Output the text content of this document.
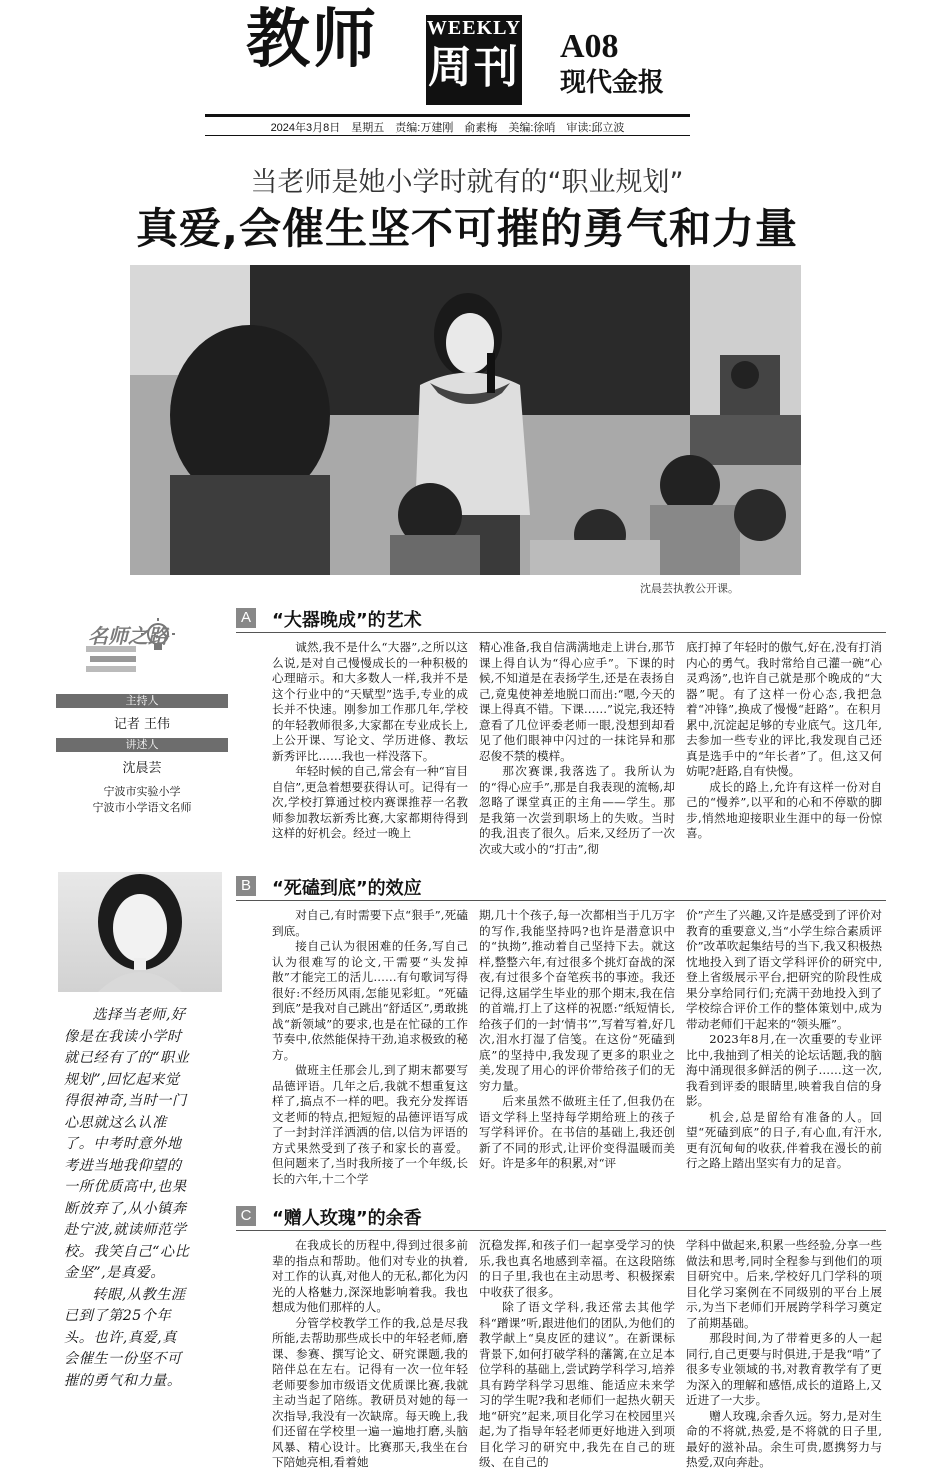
教师 WEEKLY
周刊 A08
现代金报
2024年3月8日　星期五　责编:万建刚　俞素梅　美编:徐哨　审读:邱立波
当老师是她小学时就有的“职业规划”
真爱,会催生坚不可摧的勇气和力量
沈晨芸执教公开课。
名师之路
主持人
记者 王伟
讲述人
沈晨芸
宁波市实验小学
宁波市小学语文名师

选择当老师,好像是在我读小学时就已经有了的“职业规划”,回忆起来觉得很神奇,当时一门心思就这么认准了。中考时意外地考进当地我仰望的一所优质高中,也果断放弃了,从小镇奔赴宁波,就读师范学校。我笑自己“心比金坚”,是真爱。

转眼,从教生涯已到了第25个年头。也许,真爱,真会催生一份坚不可摧的勇气和力量。

A “大器晚成”的艺术

诚然,我不是什么“大器”,之所以这么说,是对自己慢慢成长的一种积极的心理暗示。和大多数人一样,我并不是这个行业中的“天赋型”选手,专业的成长并不快速。刚参加工作那几年,学校的年轻教师很多,大家都在专业成长上,上公开课、写论文、学历进修、教坛新秀评比……我也一样没落下。

年轻时候的自己,常会有一种“盲目自信”,更急着想要获得认可。记得有一次,学校打算通过校内赛课推荐一名教师参加教坛新秀比赛,大家都期待得到这样的好机会。经过一晚上

精心准备,我自信满满地走上讲台,那节课上得自认为“得心应手”。下课的时候,不知道是在表扬学生,还是在表扬自己,竟鬼使神差地脱口而出:“嗯,今天的课上得真不错。下课……”说完,我还特意看了几位评委老师一眼,没想到却看见了他们眼神中闪过的一抹诧异和那忍俊不禁的模样。

那次赛课,我落选了。我所认为的“得心应手”,那是自我表现的流畅,却忽略了课堂真正的主角——学生。那是我第一次尝到职场上的失败。当时的我,沮丧了很久。后来,又经历了一次次或大或小的“打击”,彻

底打掉了年轻时的傲气,好在,没有打消内心的勇气。我时常给自己灌一碗“心灵鸡汤”,也许自己就是那个晚成的“大器”呢。有了这样一份心态,我把急着“冲锋”,换成了慢慢“赶路”。在积月累中,沉淀起足够的专业底气。这几年,去参加一些专业的评比,我发现自己还真是选手中的“年长者”了。但,这又何妨呢?赶路,自有快慢。

成长的路上,允许有这样一份对自己的“慢养”,以平和的心和不停歇的脚步,悄然地迎接职业生涯中的每一份惊喜。

B “死磕到底”的效应

对自己,有时需要下点“狠手”,死磕到底。

接自己认为很困难的任务,写自己认为很难写的论文,干需要“头发掉散”才能完工的活儿……有句歌词写得很好:不经历风雨,怎能见彩虹。“死磕到底”是我对自己跳出“舒适区”,勇敢挑战“新领域”的要求,也是在忙碌的工作节奏中,依然能保持干劲,追求极致的秘方。

做班主任那会儿,到了期末都要写品德评语。几年之后,我就不想重复这样了,搞点不一样的吧。我充分发挥语文老师的特点,把短短的品德评语写成了一封封洋洋洒洒的信,以信为评语的方式果然受到了孩子和家长的喜爱。但问题来了,当时我所接了一个年级,长长的六年,十二个学

期,几十个孩子,每一次都相当于几万字的写作,我能坚持吗?也许是潜意识中的“执拗”,推动着自己坚持下去。就这样,整整六年,有过很多个挑灯奋战的深夜,有过很多个奋笔疾书的事迹。我还记得,这届学生毕业的那个期末,我在信的首端,打上了这样的祝愿:“纸短情长,给孩子们的一封‘情书’”,写着写着,好几次,泪水打湿了信笺。在这份“死磕到底”的坚持中,我发现了更多的职业之美,发现了用心的评价带给孩子们的无穷力量。

后来虽然不做班主任了,但我仍在语文学科上坚持每学期给班上的孩子写学科评价。在书信的基础上,我还创新了不同的形式,让评价变得温暖而美好。许是多年的积累,对“评

价”产生了兴趣,又许是感受到了评价对教育的重要意义,当“小学生综合素质评价”改革吹起集结号的当下,我又积极热忱地投入到了语文学科评价的研究中,登上省级展示平台,把研究的阶段性成果分享给同行们;充满干劲地投入到了学校综合评价工作的整体策划中,成为带动老师们干起来的“领头雁”。

2023年8月,在一次重要的专业评比中,我抽到了相关的论坛话题,我的脑海中涌现很多鲜活的例子……这一次,我看到评委的眼睛里,映着我自信的身影。

机会,总是留给有准备的人。回望“死磕到底”的日子,有心血,有汗水,更有沉甸甸的收获,伴着我在漫长的前行之路上踏出坚实有力的足音。

C “赠人玫瑰”的余香

在我成长的历程中,得到过很多前辈的指点和帮助。他们对专业的执着,对工作的认真,对他人的无私,都化为闪光的人格魅力,深深地影响着我。我也想成为他们那样的人。

分管学校教学工作的我,总是尽我所能,去帮助那些成长中的年轻老师,磨课、参赛、撰写论文、研究课题,我的陪伴总在左右。记得有一次一位年轻老师要参加市级语文优质课比赛,我就主动当起了陪练。教研员对她的每一次指导,我没有一次缺席。每天晚上,我们还留在学校里一遍一遍地打磨,头脑风暴、精心设计。比赛那天,我坐在台下陪她亮相,看着她

沉稳发挥,和孩子们一起享受学习的快乐,我也真名地感到幸福。在这段陪练的日子里,我也在主动思考、积极探索中收获了很多。

除了语文学科,我还常去其他学科“蹭课”听,跟进他们的团队,为他们的教学献上“臭皮匠的建议”。在新课标背景下,如何打破学科的藩篱,在立足本位学科的基础上,尝试跨学科学习,培养具有跨学科学习思维、能适应未来学习的学生呢?我和老师们一起热火朝天地“研究”起来,项目化学习在校园里兴起,为了指导年轻老师更好地进入到项目化学习的研究中,我先在自己的班级、在自己的

学科中做起来,积累一些经验,分享一些做法和思考,同时全程参与到他们的项目研究中。后来,学校好几门学科的项目化学习案例在不同级别的平台上展示,为当下老师们开展跨学科学习奠定了前期基础。

那段时间,为了带着更多的人一起同行,自己更要与时俱进,于是我“啃”了很多专业领域的书,对教育教学有了更为深入的理解和感悟,成长的道路上,又近进了一大步。

赠人玫瑰,余香久远。努力,是对生命的不将就,热爱,是不将就的日子里,最好的滋补品。余生可贵,愿携努力与热爱,双向奔赴。
